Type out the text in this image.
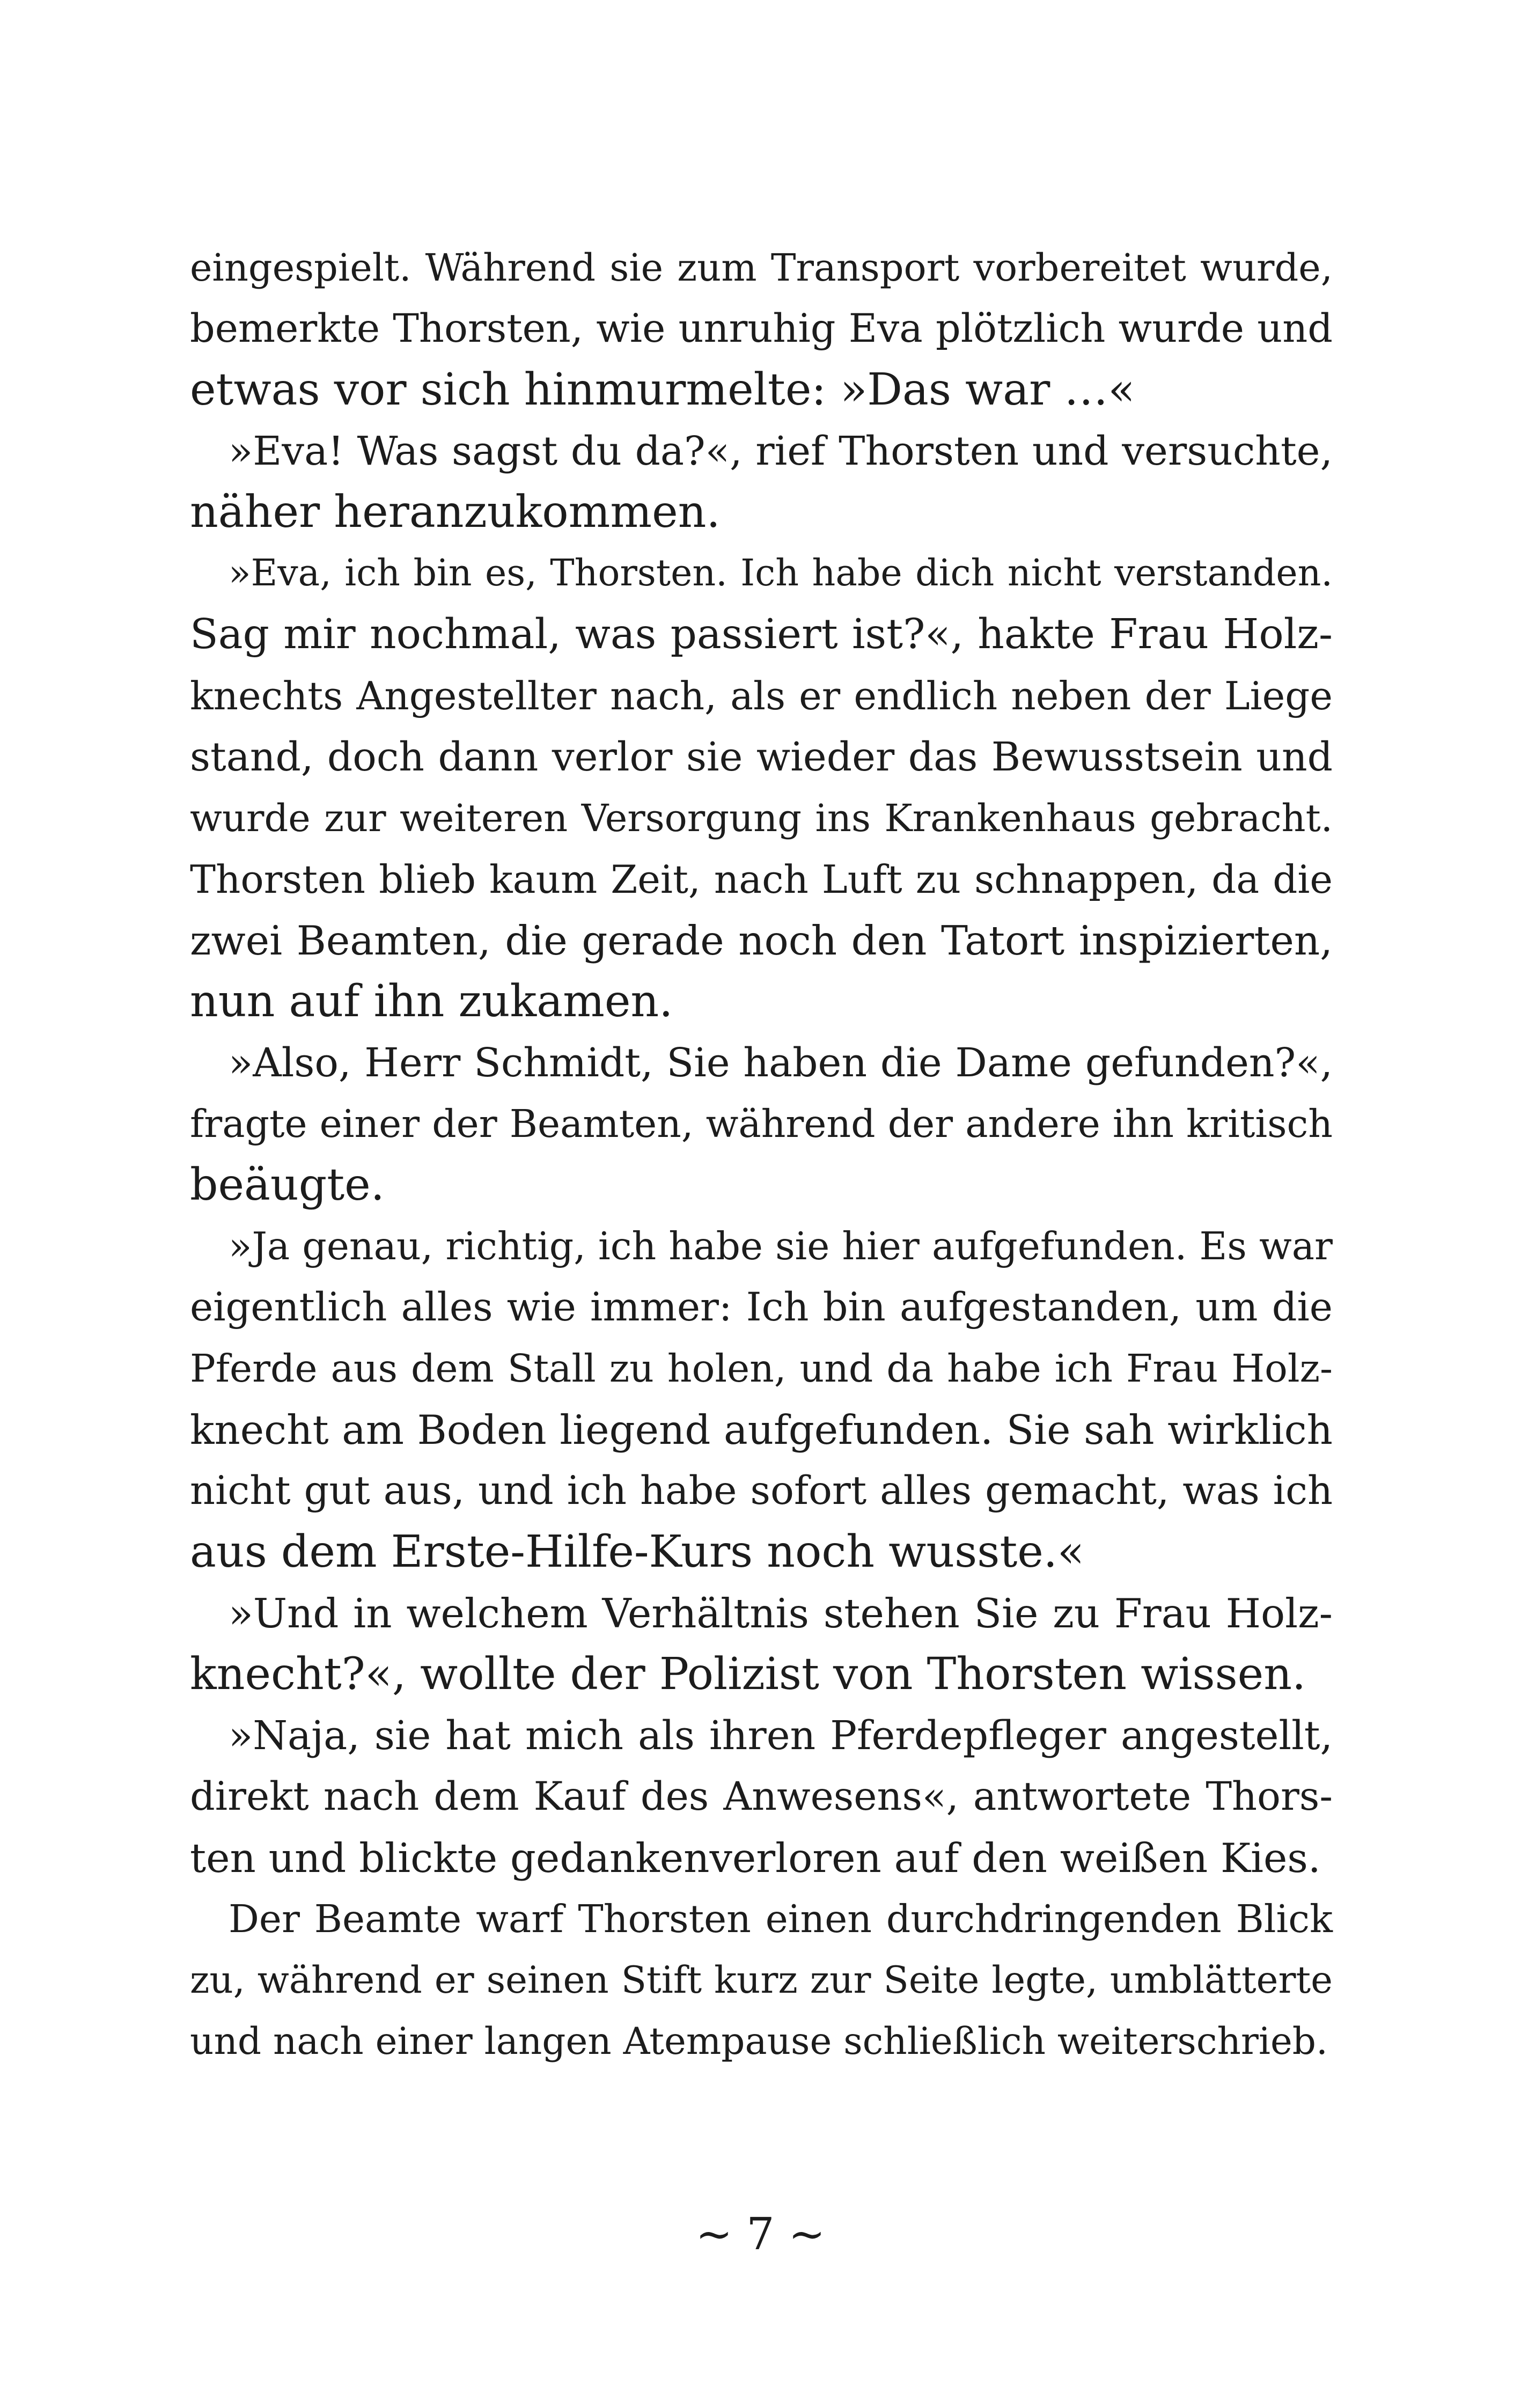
eingespielt. Während sie zum Transport vorbereitet wurde,
bemerkte Thorsten, wie unruhig Eva plötzlich wurde und
etwas vor sich hinmurmelte: »Das war …«
»Eva! Was sagst du da?«, rief Thorsten und versuchte,
näher heranzukommen.
»Eva, ich bin es, Thorsten. Ich habe dich nicht verstanden.
Sag mir nochmal, was passiert ist?«, hakte Frau Holz-
knechts Angestellter nach, als er endlich neben der Liege
stand, doch dann verlor sie wieder das Bewusstsein und
wurde zur weiteren Versorgung ins Krankenhaus gebracht.
Thorsten blieb kaum Zeit, nach Luft zu schnappen, da die
zwei Beamten, die gerade noch den Tatort inspizierten,
nun auf ihn zukamen.
»Also, Herr Schmidt, Sie haben die Dame gefunden?«,
fragte einer der Beamten, während der andere ihn kritisch
beäugte.
»Ja genau, richtig, ich habe sie hier aufgefunden. Es war
eigentlich alles wie immer: Ich bin aufgestanden, um die
Pferde aus dem Stall zu holen, und da habe ich Frau Holz-
knecht am Boden liegend aufgefunden. Sie sah wirklich
nicht gut aus, und ich habe sofort alles gemacht, was ich
aus dem Erste-Hilfe-Kurs noch wusste.«
»Und in welchem Verhältnis stehen Sie zu Frau Holz-
knecht?«, wollte der Polizist von Thorsten wissen.
»Naja, sie hat mich als ihren Pferdepfleger angestellt,
direkt nach dem Kauf des Anwesens«, antwortete Thors-
ten und blickte gedankenverloren auf den weißen Kies.
Der Beamte warf Thorsten einen durchdringenden Blick
zu, während er seinen Stift kurz zur Seite legte, umblätterte
und nach einer langen Atempause schließlich weiterschrieb.
~ 7 ~
